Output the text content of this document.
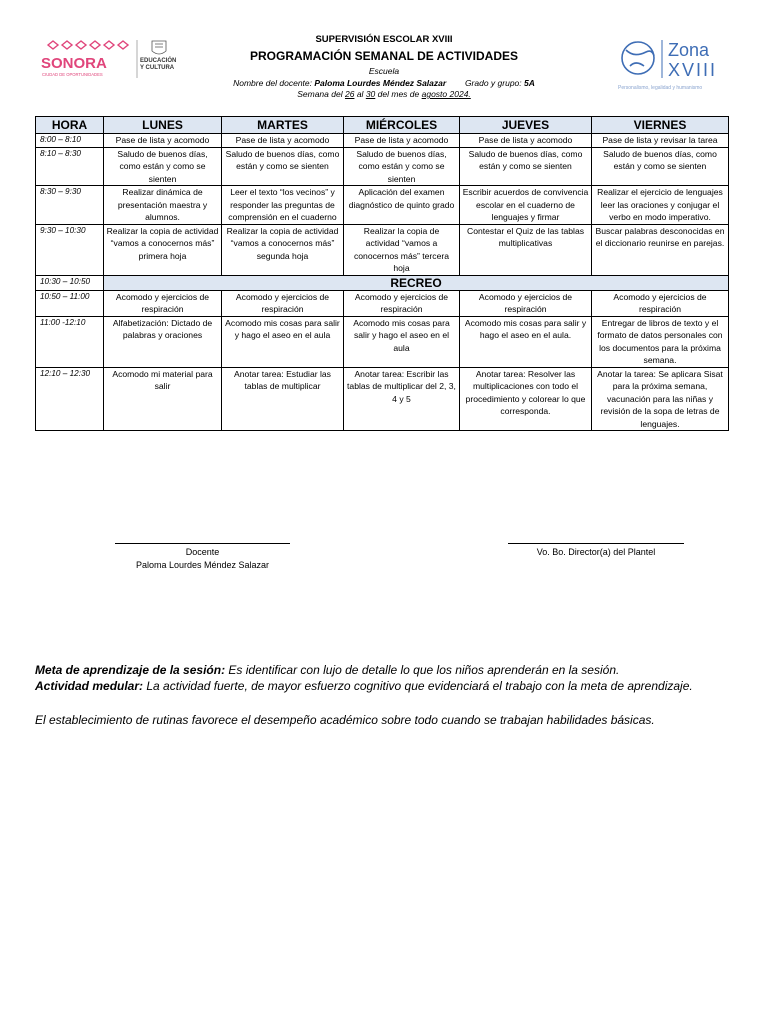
SONORA
CIUDAD DE OPORTUNIDADES
EDUCACIÓN
Y CULTURA
Zona
XVIII
Personalismo, legalidad y humanismo
SUPERVISIÓN ESCOLAR XVIII
PROGRAMACIÓN SEMANAL DE ACTIVIDADES
Escuela
Nombre del docente: Paloma Lourdes Méndez Salazar Grado y grupo: 5A
Semana del 26 al 30 del mes de agosto 2024.
HORA	LUNES	MARTES	MIÉRCOLES	JUEVES	VIERNES
8:00 – 8:10	Pase de lista y acomodo	Pase de lista y acomodo	Pase de lista y acomodo	Pase de lista y acomodo	Pase de lista y revisar la tarea
8:10 – 8:30	Saludo de buenos días, como están y como se sienten	Saludo de buenos días, como están y como se sienten	Saludo de buenos días, como están y como se sienten	Saludo de buenos días, como están y como se sienten	Saludo de buenos días, como están y como se sienten
8:30 – 9:30	Realizar dinámica de presentación maestra y alumnos.	Leer el texto “los vecinos” y responder las preguntas de comprensión en el cuaderno	Aplicación del examen diagnóstico de quinto grado	Escribir acuerdos de convivencia escolar en el cuaderno de lenguajes y firmar	Realizar el ejercicio de lenguajes leer las oraciones y conjugar el verbo en modo imperativo.
9:30 – 10:30	Realizar la copia de actividad “vamos a conocernos más” primera hoja	Realizar la copia de actividad “vamos a conocernos más” segunda hoja	Realizar la copia de actividad “vamos a conocernos más” tercera hoja	Contestar el Quiz de las tablas multiplicativas	Buscar palabras desconocidas en el diccionario reunirse en parejas.
10:30 – 10:50	RECREO				
10:50 – 11:00	Acomodo y ejercicios de respiración	Acomodo y ejercicios de respiración	Acomodo y ejercicios de respiración	Acomodo y ejercicios de respiración	Acomodo y ejercicios de respiración
11:00 -12:10	Alfabetización: Dictado de palabras y oraciones	Acomodo mis cosas para salir y hago el aseo en el aula	Acomodo mis cosas para salir y hago el aseo en el aula	Acomodo mis cosas para salir y hago el aseo en el aula.	Entregar de libros de texto y el formato de datos personales con los documentos para la próxima semana.
12:10 – 12:30	Acomodo mi material para salir	Anotar tarea: Estudiar las tablas de multiplicar	Anotar tarea: Escribir las tablas de multiplicar del 2, 3, 4 y 5	Anotar tarea: Resolver las multiplicaciones con todo el procedimiento y colorear lo que corresponda.	Anotar la tarea: Se aplicara Sisat para la próxima semana, vacunación para las niñas y revisión de la sopa de letras de lenguajes.
Docente
Paloma Lourdes Méndez Salazar
Vo. Bo. Director(a) del Plantel
Meta de aprendizaje de la sesión: Es identificar con lujo de detalle lo que los niños aprenderán en la sesión.
Actividad medular: La actividad fuerte, de mayor esfuerzo cognitivo que evidenciará el trabajo con la meta de aprendizaje.
El establecimiento de rutinas favorece el desempeño académico sobre todo cuando se trabajan habilidades básicas.
